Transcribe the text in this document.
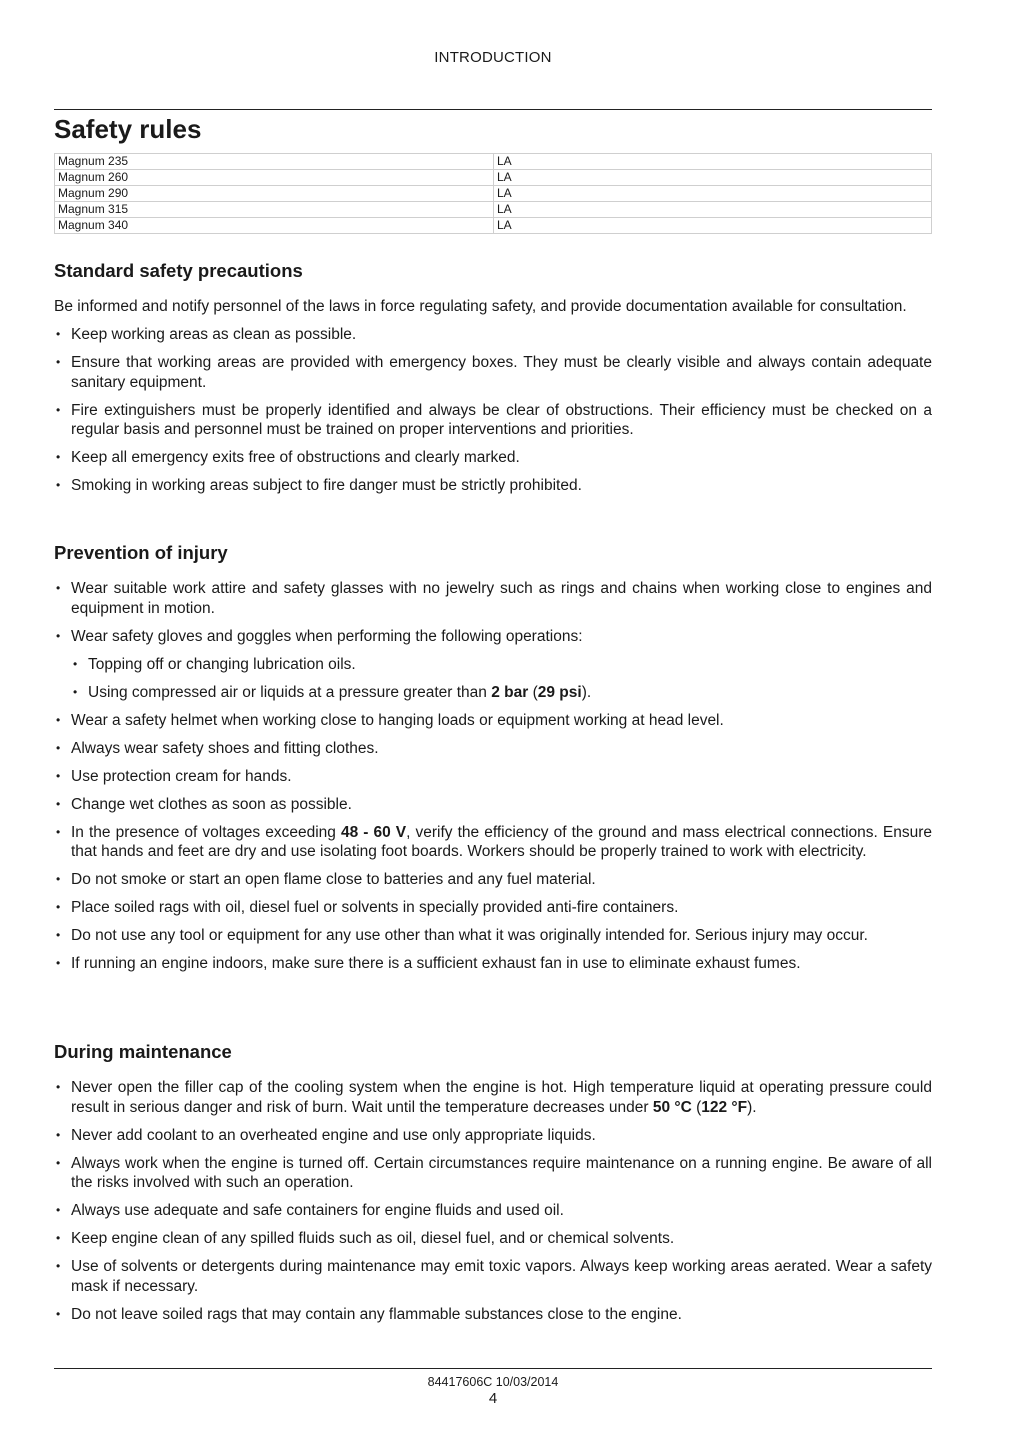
INTRODUCTION
Safety rules
Magnum 235	LA
Magnum 260	LA
Magnum 290	LA
Magnum 315	LA
Magnum 340	LA
Standard safety precautions

Be informed and notify personnel of the laws in force regulating safety, and provide documentation available for consultation.

• Keep working areas as clean as possible.
• Ensure that working areas are provided with emergency boxes. They must be clearly visible and always contain adequate sanitary equipment.
• Fire extinguishers must be properly identified and always be clear of obstructions. Their efficiency must be checked on a regular basis and personnel must be trained on proper interventions and priorities.
• Keep all emergency exits free of obstructions and clearly marked.
• Smoking in working areas subject to fire danger must be strictly prohibited.
Prevention of injury
• Wear suitable work attire and safety glasses with no jewelry such as rings and chains when working close to engines and equipment in motion.
• Wear safety gloves and goggles when performing the following operations:
• Topping off or changing lubrication oils.
• Using compressed air or liquids at a pressure greater than 2 bar (29 psi).
• Wear a safety helmet when working close to hanging loads or equipment working at head level.
• Always wear safety shoes and fitting clothes.
• Use protection cream for hands.
• Change wet clothes as soon as possible.
• In the presence of voltages exceeding 48 - 60 V, verify the efficiency of the ground and mass electrical connections. Ensure that hands and feet are dry and use isolating foot boards. Workers should be properly trained to work with electricity.
• Do not smoke or start an open flame close to batteries and any fuel material.
• Place soiled rags with oil, diesel fuel or solvents in specially provided anti-fire containers.
• Do not use any tool or equipment for any use other than what it was originally intended for. Serious injury may occur.
• If running an engine indoors, make sure there is a sufficient exhaust fan in use to eliminate exhaust fumes.
During maintenance
• Never open the filler cap of the cooling system when the engine is hot. High temperature liquid at operating pressure could result in serious danger and risk of burn. Wait until the temperature decreases under 50 °C (122 °F).
• Never add coolant to an overheated engine and use only appropriate liquids.
• Always work when the engine is turned off. Certain circumstances require maintenance on a running engine. Be aware of all the risks involved with such an operation.
• Always use adequate and safe containers for engine fluids and used oil.
• Keep engine clean of any spilled fluids such as oil, diesel fuel, and or chemical solvents.
• Use of solvents or detergents during maintenance may emit toxic vapors. Always keep working areas aerated. Wear a safety mask if necessary.
• Do not leave soiled rags that may contain any flammable substances close to the engine.
84417606C 10/03/2014
4
